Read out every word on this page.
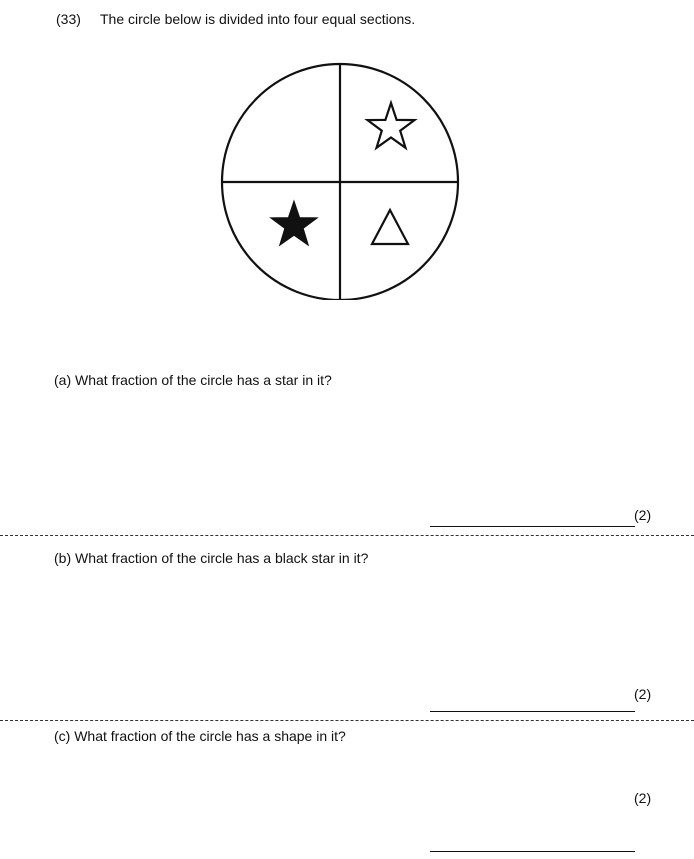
(33) The circle below is divided into four equal sections.
(a) What fraction of the circle has a star in it?
(2)
(b) What fraction of the circle has a black star in it?
(2)
(c) What fraction of the circle has a shape in it?
(2)
